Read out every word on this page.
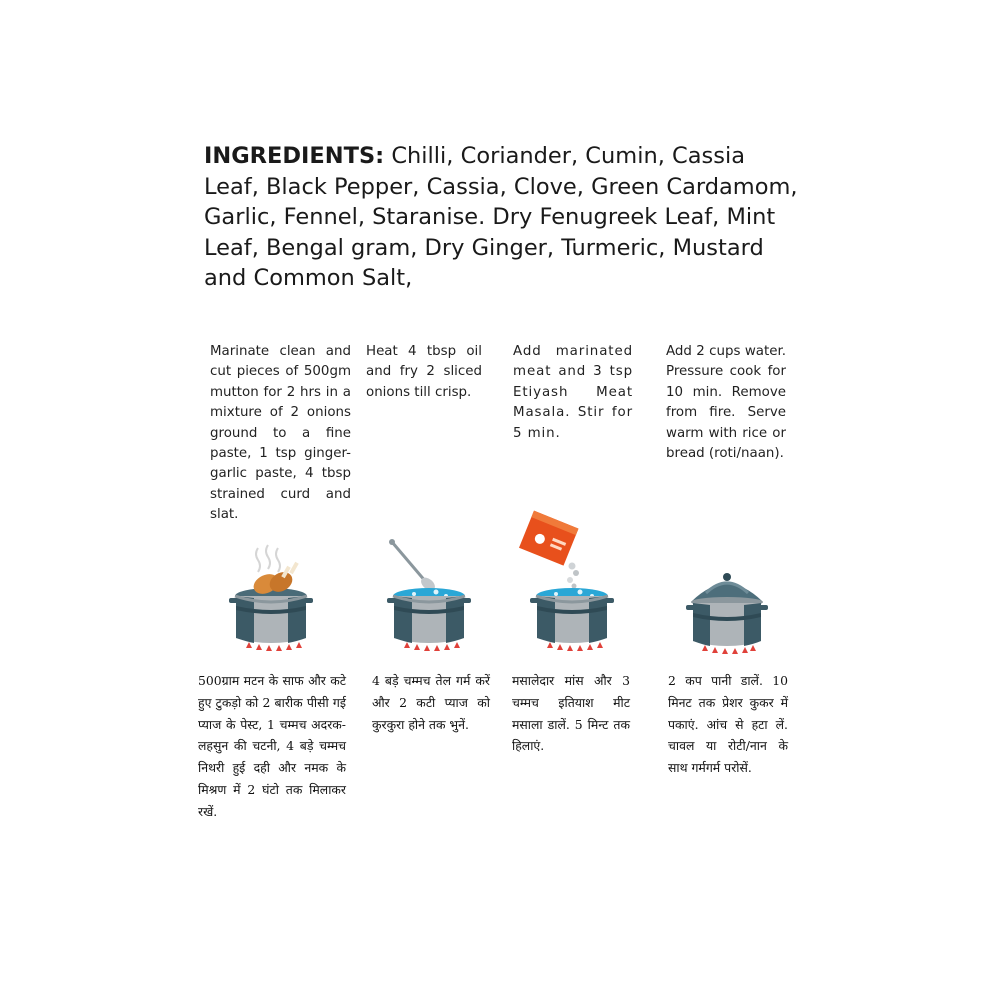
INGREDIENTS: Chilli, Coriander, Cumin, Cassia Leaf, Black Pepper, Cassia, Clove, Green Cardamom, Garlic, Fennel, Staranise. Dry Fenugreek Leaf, Mint Leaf, Bengal gram, Dry Ginger, Turmeric, Mustard and Common Salt,
Marinate clean and cut pieces of 500gm mutton for 2 hrs in a mixture of 2 onions ground to a fine paste, 1 tsp ginger-garlic paste, 4 tbsp strained curd and slat.
Heat 4 tbsp oil and fry 2 sliced onions till crisp.
Add marinated meat and 3 tsp Etiyash Meat Masala. Stir for 5 min.
Add 2 cups water. Pressure cook for 10 min. Remove from fire. Serve warm with rice or bread (roti/naan).
500ग्राम मटन के साफ और कटे हुए टुकड़ो को 2 बारीक पीसी गई प्याज के पेस्ट, 1 चम्मच अदरक-लहसुन की चटनी, 4 बड़े चम्मच निथरी हुई दही और नमक के मिश्रण में 2 घंटो तक मिलाकर रखें.
4 बड़े चम्मच तेल गर्म करें और 2 कटी प्याज को कुरकुरा होने तक भुनें.
मसालेदार मांस और 3 चम्मच इतियाश मीट मसाला डालें. 5 मिन्ट तक हिलाएं.
2 कप पानी डालें. 10 मिनट तक प्रेशर कुकर में पकाएं. आंच से हटा लें. चावल या रोटी/नान के साथ गर्मगर्म परोसें.
